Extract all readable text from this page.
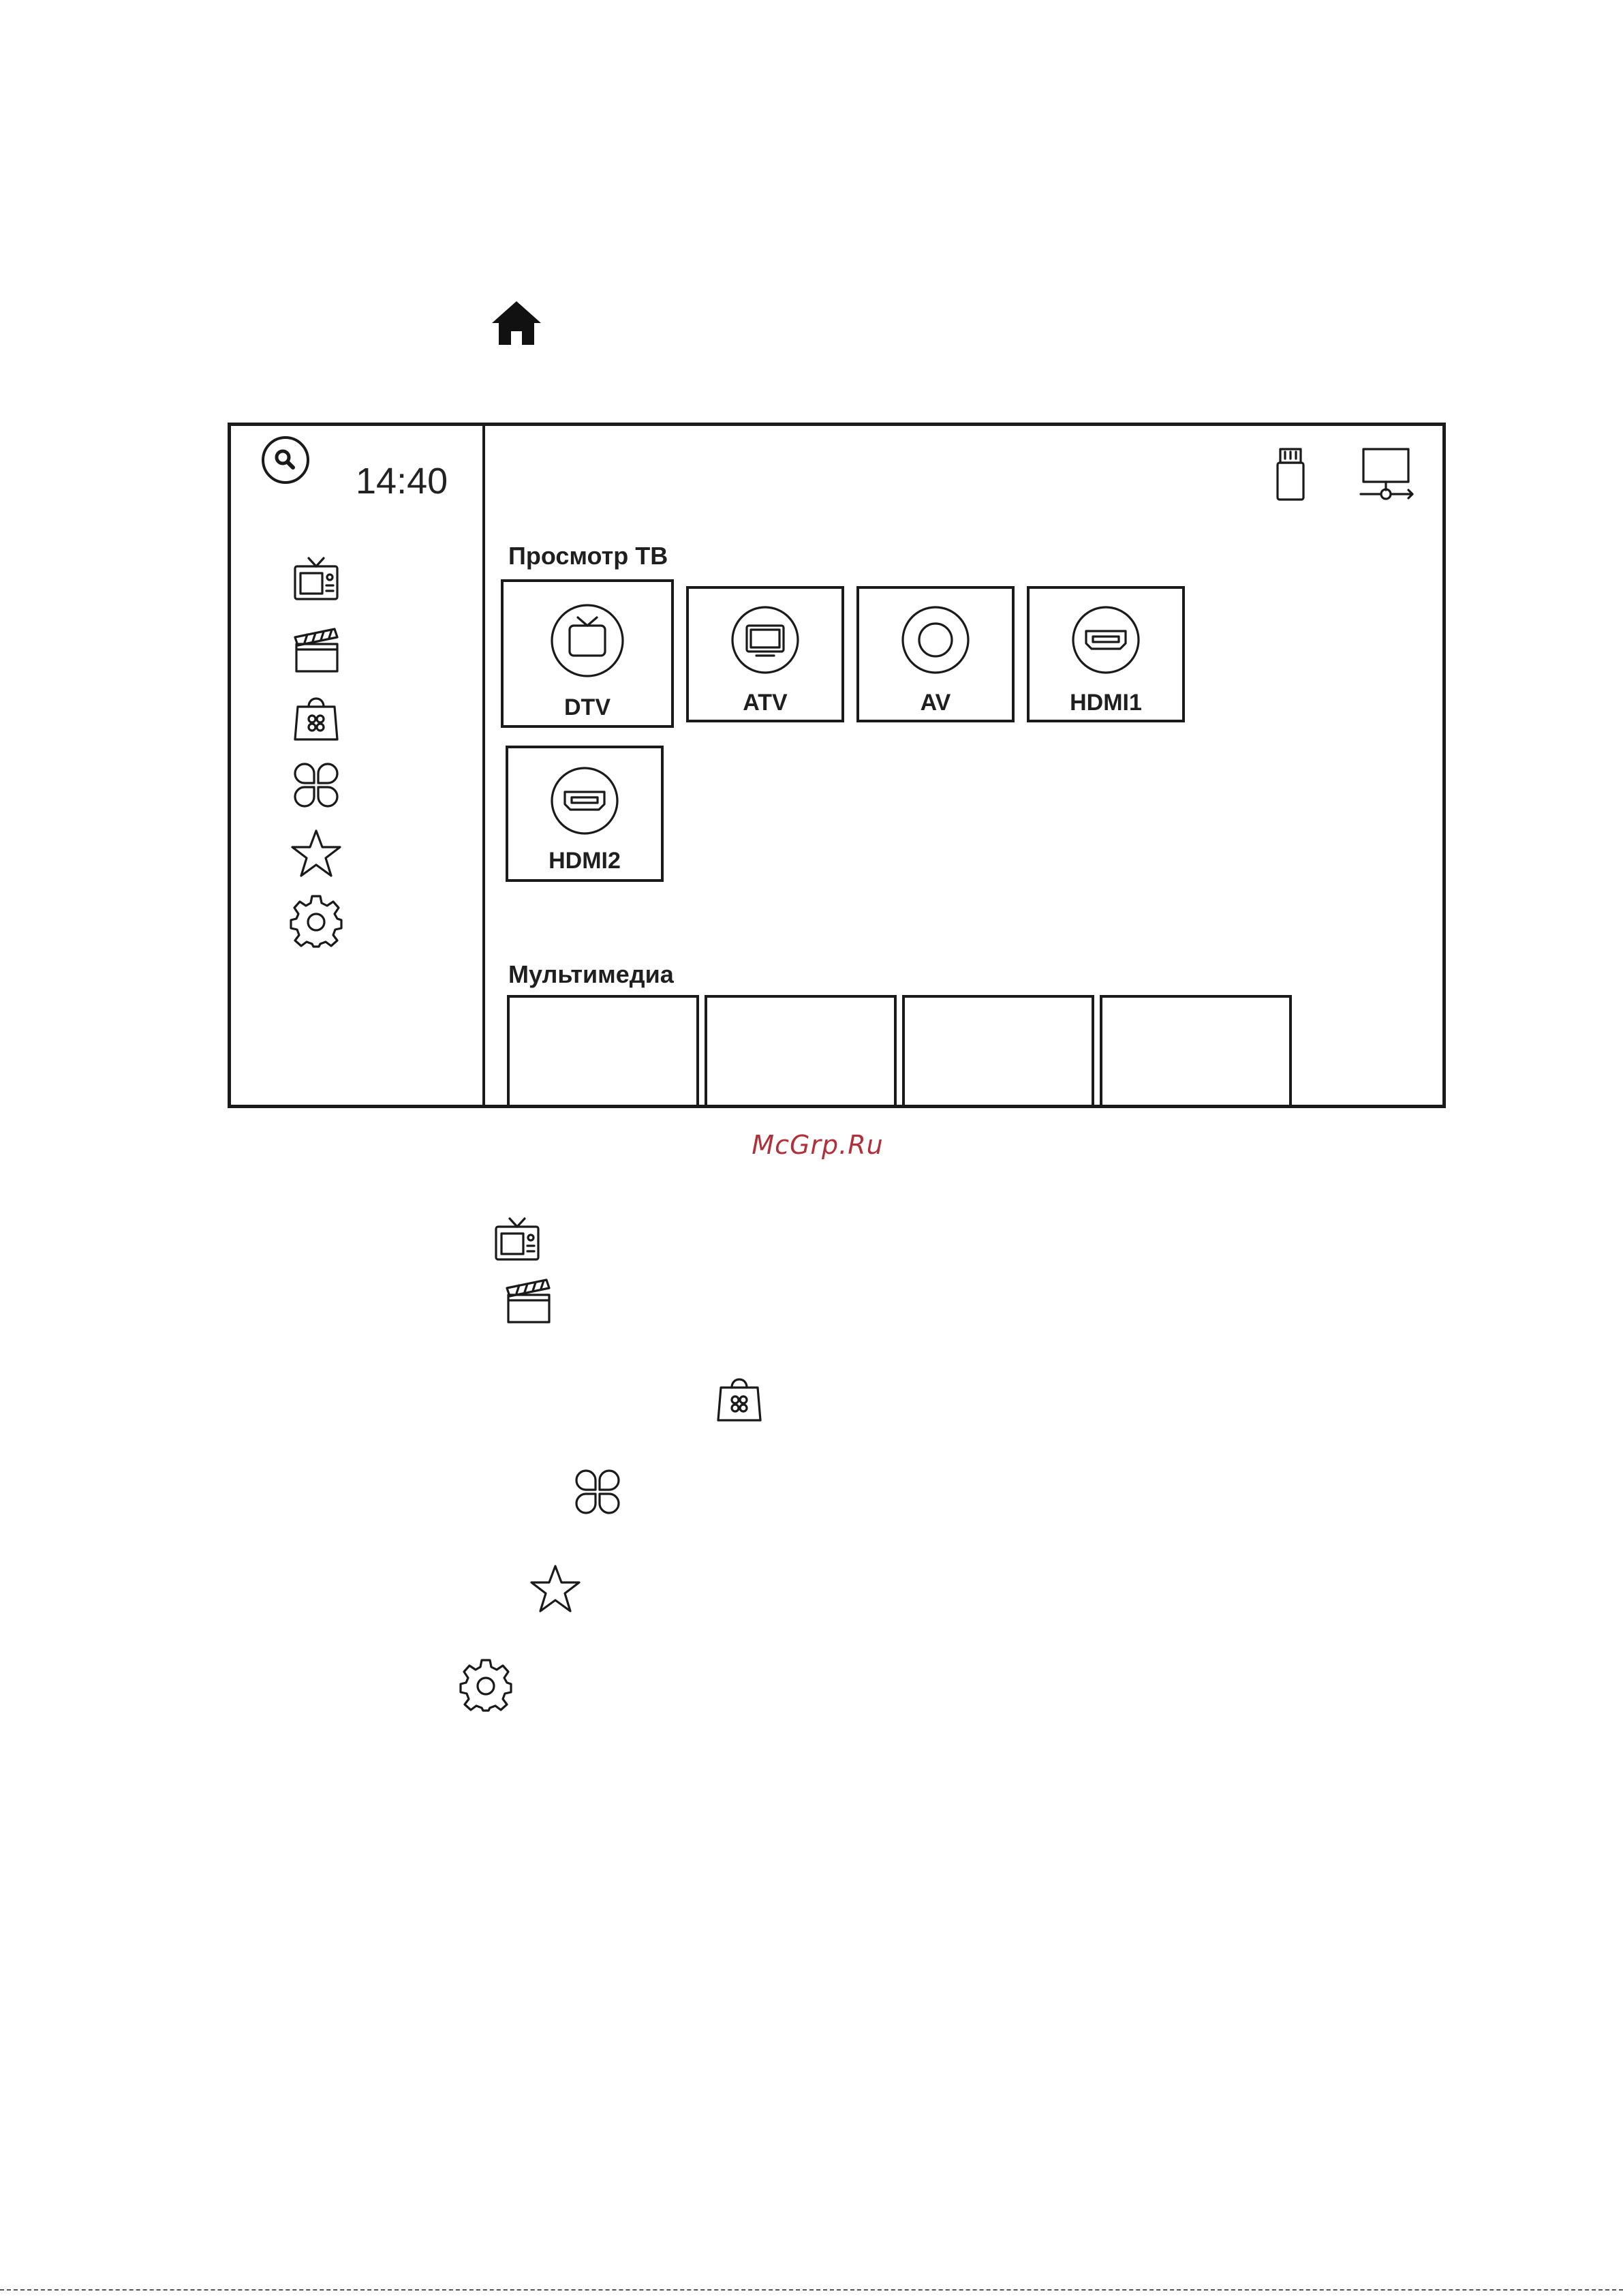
14:40
Просмотр ТВ
DTV	ATV	AV	HDMI1
HDMI2
Мультимедиа
McGrp.Ru
